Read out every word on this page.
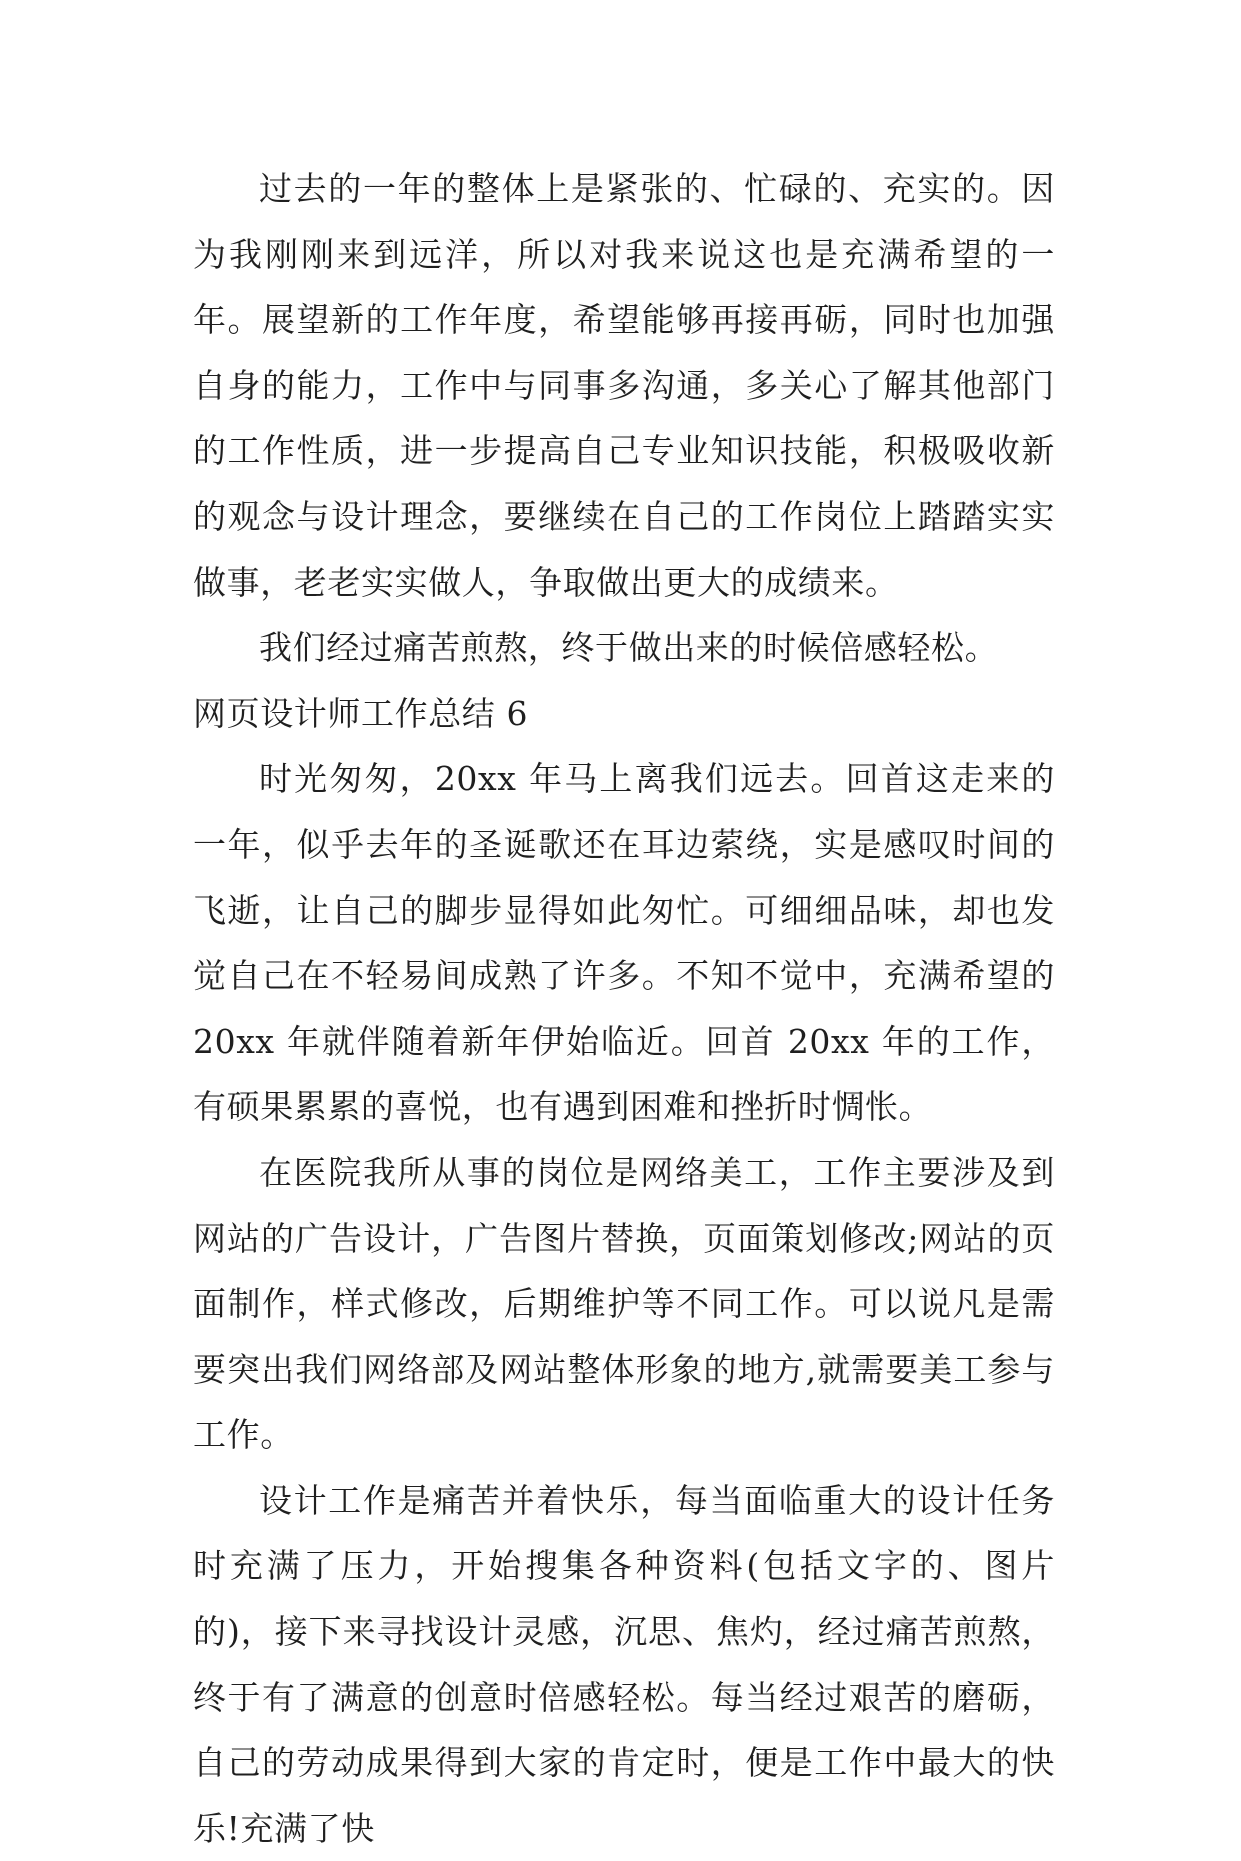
过去的一年的整体上是紧张的、忙碌的、充实的。因为我刚刚来到远洋，所以对我来说这也是充满希望的一年。展望新的工作年度，希望能够再接再砺，同时也加强自身的能力，工作中与同事多沟通，多关心了解其他部门的工作性质，进一步提高自己专业知识技能，积极吸收新的观念与设计理念，要继续在自己的工作岗位上踏踏实实做事，老老实实做人，争取做出更大的成绩来。

我们经过痛苦煎熬，终于做出来的时候倍感轻松。

网页设计师工作总结 6

时光匆匆，20xx 年马上离我们远去。回首这走来的一年，似乎去年的圣诞歌还在耳边萦绕，实是感叹时间的飞逝，让自己的脚步显得如此匆忙。可细细品味，却也发觉自己在不轻易间成熟了许多。不知不觉中，充满希望的 20xx 年就伴随着新年伊始临近。回首 20xx 年的工作，有硕果累累的喜悦，也有遇到困难和挫折时惆怅。

在医院我所从事的岗位是网络美工，工作主要涉及到网站的广告设计，广告图片替换，页面策划修改;网站的页面制作，样式修改，后期维护等不同工作。可以说凡是需要突出我们网络部及网站整体形象的地方,就需要美工参与工作。

设计工作是痛苦并着快乐，每当面临重大的设计任务时充满了压力，开始搜集各种资料(包括文字的、图片的)，接下来寻找设计灵感，沉思、焦灼，经过痛苦煎熬，终于有了满意的创意时倍感轻松。每当经过艰苦的磨砺，自己的劳动成果得到大家的肯定时，便是工作中最大的快乐!充满了快
